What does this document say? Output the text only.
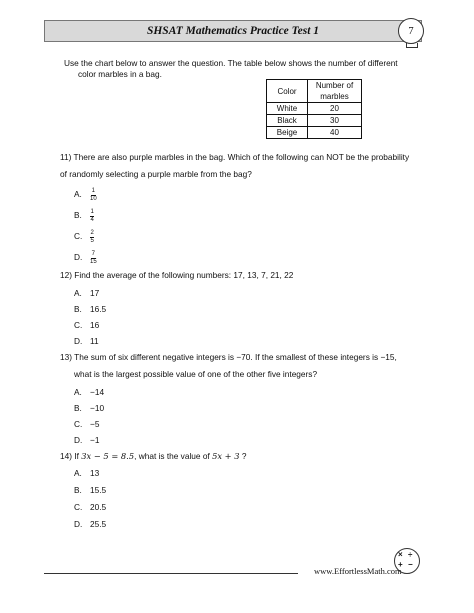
SHSAT Mathematics Practice Test 1	7
Use the chart below to answer the question. The table below shows the number of different
color marbles in a bag.
Color	Number of
marbles
White	20
Black	30
Beige	40
11) There are also purple marbles in the bag. Which of the following can NOT be the probability
of randomly selecting a purple marble from the bag?
A. $\frac{1}{10}$
B. $\frac{1}{4}$
C. $\frac{2}{5}$
D. $\frac{7}{15}$
12) Find the average of the following numbers: 17, 13, 7, 21, 22
A. 17
B. 16.5
C. 16
D. 11
13) The sum of six different negative integers is −70. If the smallest of these integers is −15,
what is the largest possible value of one of the other five integers?
A. −14
B. −10
C. −5
D. −1
14) If 3x − 5 = 8.5, what is the value of 5x + 3 ?
A. 13
B. 15.5
C. 20.5
D. 25.5
www.EffortlessMath.com
× ÷
+ −
